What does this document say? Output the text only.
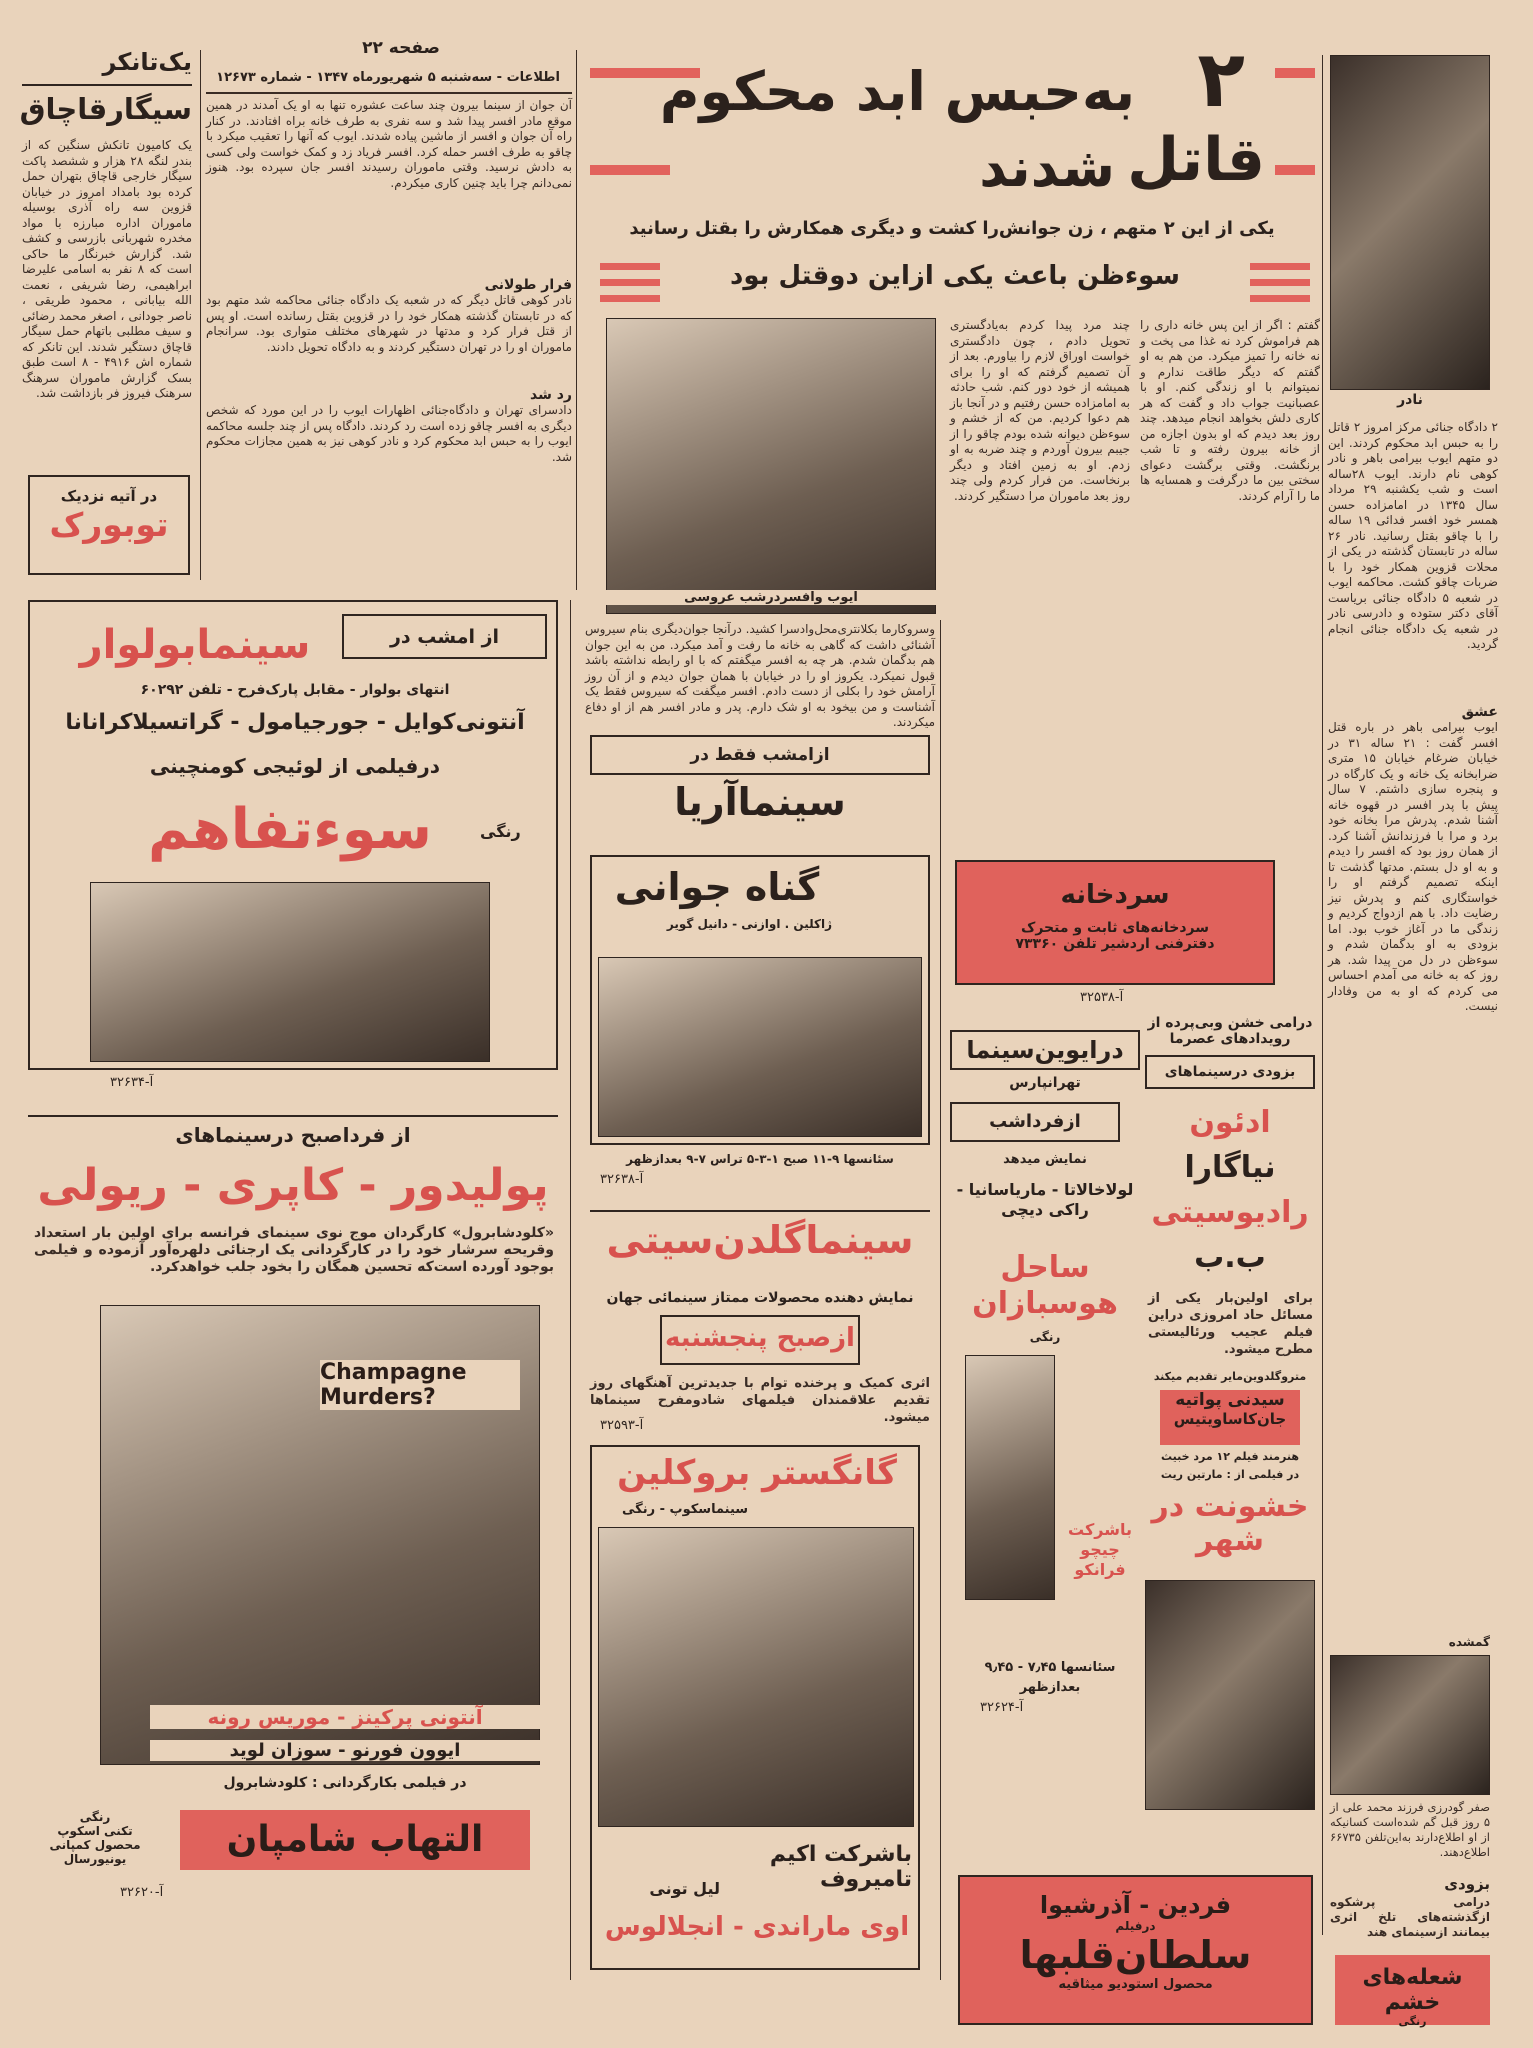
صفحه ۲۲
اطلاعات - سه‌شنبه ۵ شهریورماه ۱۳۴۷ - شماره ۱۲۶۷۳
یک‌تانکر
سیگارقاچاق
یک کامیون تانکش سنگین که از بندر لنگه ۲۸ هزار و ششصد پاکت سیگار خارجی قاچاق بتهران حمل کرده بود بامداد امروز در خیابان قزوین سه راه آذری بوسیله ماموران اداره مبارزه با مواد مخدره شهربانی بازرسی و کشف شد. گزارش خبرنگار ما حاکی است که ۸ نفر به اسامی علیرضا ابراهیمی، رضا شریفی ، نعمت الله بیابانی ، محمود طریقی ، ناصر جودانی ، اصغر محمد رضائی و سیف مطلبی باتهام حمل سیگار قاچاق دستگیر شدند. این تانکر که شماره اش ۴۹۱۶ - ۸ است طبق بسک گزارش ماموران سرهنگ سرهنک فیروز فر بازداشت شد.
در آتیه نزدیک
توبورک
آن جوان از سینما بیرون چند ساعت عشوره تنها به او یک آمدند در همین موقع مادر افسر پیدا شد و سه نفری به طرف خانه براه افتادند. در کنار راه آن جوان و افسر از ماشین پیاده شدند. ایوب که آنها را تعقیب میکرد با چاقو به طرف افسر حمله کرد. افسر فریاد زد و کمک خواست ولی کسی به دادش نرسید. وقتی ماموران رسیدند افسر جان سپرده بود. هنوز نمی‌دانم چرا باید چنین کاری میکردم.
فرار طولانی
نادر کوهی قاتل دیگر که در شعبه یک دادگاه جنائی محاکمه شد متهم بود که در تابستان گذشته همکار خود را در قزوین بقتل رسانده است. او پس از قتل فرار کرد و مدتها در شهرهای مختلف متواری بود. سرانجام ماموران او را در تهران دستگیر کردند و به دادگاه تحویل دادند.
رد شد
دادسرای تهران و دادگاه‌جنائی اظهارات ایوب را در این مورد که شخص دیگری به افسر چاقو زده است رد کردند. دادگاه پس از چند جلسه محاکمه ایوب را به حبس ابد محکوم کرد و نادر کوهی نیز به همین مجازات محکوم شد.
۲
قاتل
به‌حبس ابد محکوم
شدند
یکی از این ۲ متهم ، زن جوانش‌را کشت و دیگری همکارش را بقتل رسانید
سوءظن باعث یکی ازاین دوقتل بود
نادر
۲ دادگاه جنائی مرکز امروز ۲ قاتل را به حبس ابد محکوم کردند. این دو متهم ایوب بیرامی باهر و نادر کوهی نام دارند. ایوب ۲۸ساله است و شب یکشنبه ۲۹ مرداد سال ۱۳۴۵ در امامزاده حسن همسر خود افسر فدائی ۱۹ ساله را با چاقو بقتل رسانید. نادر ۲۶ ساله در تابستان گذشته در یکی از محلات قزوین همکار خود را با ضربات چاقو کشت. محاکمه ایوب در شعبه ۵ دادگاه جنائی بریاست آقای دکتر ستوده و دادرسی نادر در شعبه یک دادگاه جنائی انجام گردید.
عشق
ایوب بیرامی باهر در باره قتل افسر گفت : ۲۱ ساله ۳۱ در خیابان ضرغام خیابان ۱۵ متری ضرابخانه یک خانه و یک کارگاه در و پنجره سازی داشتم. ۷ سال پیش با پدر افسر در قهوه خانه آشنا شدم. پدرش مرا بخانه خود برد و مرا با فرزندانش آشنا کرد. از همان روز بود که افسر را دیدم و به او دل بستم. مدتها گذشت تا اینکه تصمیم گرفتم او را خواستگاری کنم و پدرش نیز رضایت داد. با هم ازدواج کردیم و زندگی ما در آغاز خوب بود. اما بزودی به او بدگمان شدم و سوءظن در دل من پیدا شد. هر روز که به خانه می آمدم احساس می کردم که او به من وفادار نیست.
گفتم : اگر از این پس خانه داری را هم فراموش کرد نه غذا می پخت و نه خانه را تمیز میکرد. من هم به او گفتم که دیگر طاقت ندارم و نمیتوانم با او زندگی کنم. او با عصبانیت جواب داد و گفت که هر کاری دلش بخواهد انجام میدهد. چند روز بعد دیدم که او بدون اجازه من از خانه بیرون رفته و تا شب برنگشت. وقتی برگشت دعوای سختی بین ما درگرفت و همسایه ها ما را آرام کردند.
چند مرد پیدا کردم به‌یادگستری تحویل دادم ، چون دادگستری خواست اوراق لازم را بیاورم. بعد از آن تصمیم گرفتم که او را برای همیشه از خود دور کنم. شب حادثه به امامزاده حسن رفتیم و در آنجا باز هم دعوا کردیم. من که از خشم و سوءظن دیوانه شده بودم چاقو را از جیبم بیرون آوردم و چند ضربه به او زدم. او به زمین افتاد و دیگر برنخاست. من فرار کردم ولی چند روز بعد ماموران مرا دستگیر کردند.
ایوب وافسردرشب عروسی
وسروکارما بکلانتری‌محل‌وادسرا کشید. درآنجا جوان‌دیگری بنام سیروس آشنائی داشت که گاهی به خانه ما رفت و آمد میکرد. من به این جوان هم بدگمان شدم. هر چه به افسر میگفتم که با او رابطه نداشته باشد قبول نمیکرد. یکروز او را در خیابان با همان جوان دیدم و از آن روز آرامش خود را بکلی از دست دادم. افسر میگفت که سیروس فقط یک آشناست و من بیخود به او شک دارم. پدر و مادر افسر هم از او دفاع میکردند.
از امشب در
سینمابولوار
انتهای بولوار - مقابل پارک‌فرح - تلفن ۶۰۲۹۲
آنتونی‌کوایل - جورجیامول - گراتسیلاکرانانا
درفیلمی از لوئیجی کومنچینی
سوءتفاهم	رنگی
آ-۳۲۶۳۴
از فرداصبح درسینماهای
پولیدور - کاپری - ریولی
«کلودشابرول» کارگردان موج نوی سینمای فرانسه برای اولین بار استعداد وقریحه سرشار خود را در کارگردانی یک ارجنائی دلهره‌آور آزموده و فیلمی بوجود آورده است‌که تحسین همگان را بخود جلب خواهدکرد.
Champagne Murders?
آنتونی پرکینز - موریس رونه
ایوون فورنو - سوزان لوید
در فیلمی بکارگردانی : کلودشابرول
رنگی
تکنی اسکوپ
محصول کمپانی یونیورسال	التهاب شامپان
آ-۳۲۶۲۰
ازامشب فقط در
سینماآریا
گناه جوانی
ژاکلین . اوازنی - دانیل گویر
سئانسها ۹-۱۱ صبح ۱-۳-۵ تراس ۷-۹ بعدازظهر
آ-۳۲۶۳۸
سینماگلدن‌سیتی
نمایش دهنده محصولات ممتاز سینمائی جهان
ازصبح پنجشنبه
اثری کمیک و پرخنده توام با جدیدترین آهنگهای روز تقدیم علاقمندان فیلمهای شادومفرح سینماها میشود.
آ-۳۲۵۹۳
گانگستر بروکلین
سینماسکوپ - رنگی
باشرکت اکیم تامیروف
لیل تونی
اوی ماراندی - انجلالوس
سردخانه
سردخانه‌های ثابت و متحرک
دفترفنی اردشیر تلفن ۷۳۳۶۰
آ-۳۲۵۳۸
درایوین‌سینما
تهرانپارس
ازفرداشب
نمایش میدهد
لولاخالاتا - ماریاسانیا - راکی دیچی
ساحل هوسبازان
رنگی
باشرکت چیچو فرانکو
سئانسها ۷٫۴۵ - ۹٫۴۵
بعدازظهر
آ-۳۲۶۲۴
درامی خشن وبی‌پرده از رویدادهای عصرما
بزودی درسینماهای
ادئون
نیاگارا
رادیوسیتی
ب.ب
برای اولین‌بار یکی از مسائل حاد امروزی دراین فیلم عجیب ورئالیستی مطرح میشود.
مترو‌گلدوین‌مایر تقدیم میکند
سیدنی پواتیه
جان‌کاساویتیس
هنرمند فیلم ۱۲ مرد خبیث
در فیلمی از : مارتین ریت
خشونت در شهر
گمشده
صفر گودرزی فرزند محمد علی از ۵ روز قبل گم شده‌است کسانیکه از او اطلاع‌دارند به‌این‌تلفن ۶۶۷۳۵ اطلاع‌دهند.
بزودی
درامی پرشکوه ازگذشته‌های تلخ اثری بیمانند ازسینمای هند
شعله‌های خشم
رنگی
فردین - آذرشیوا
درفیلم
سلطان‌قلبها
محصول استودیو میثاقیه
